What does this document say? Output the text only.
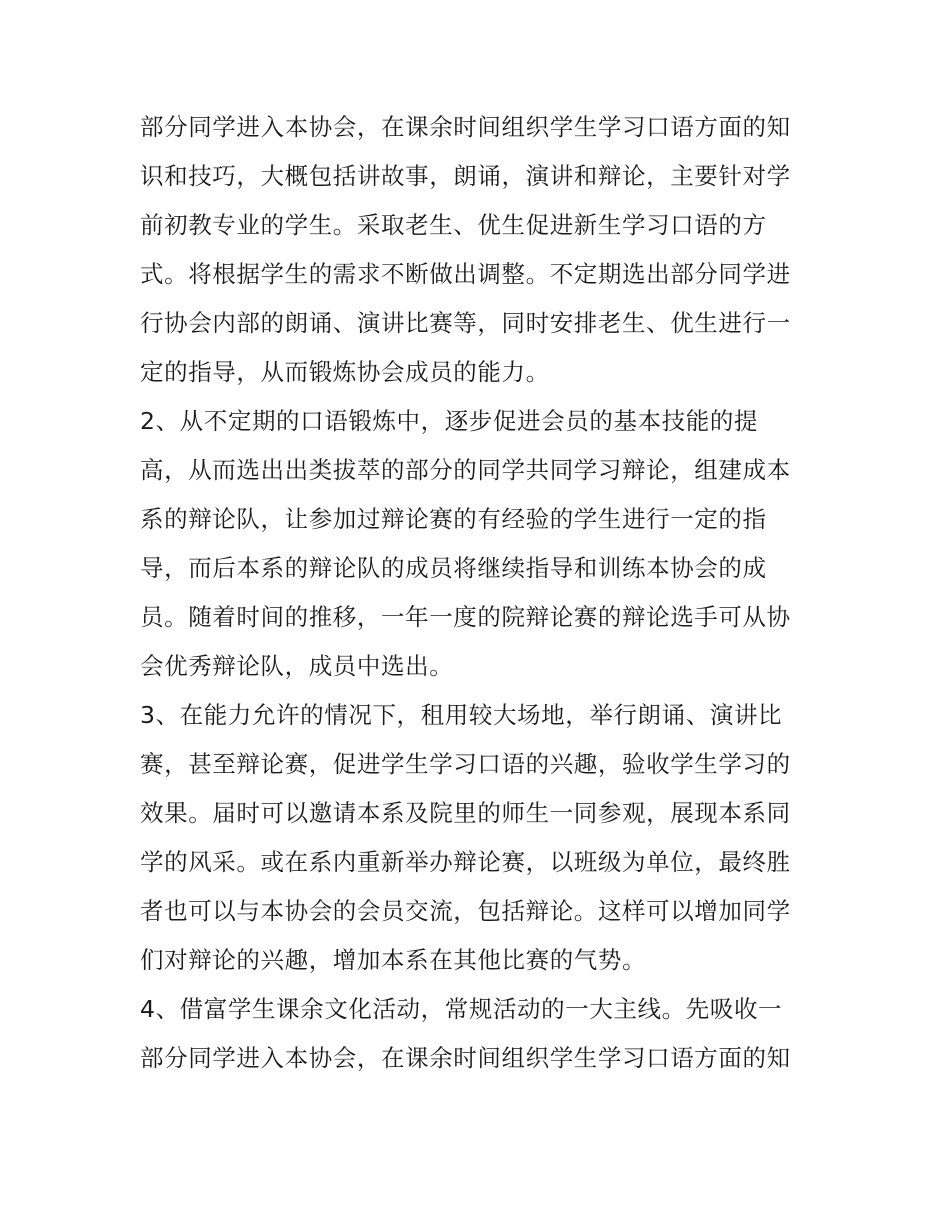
部分同学进入本协会，在课余时间组织学生学习口语方面的知
识和技巧，大概包括讲故事，朗诵，演讲和辩论，主要针对学
前初教专业的学生。采取老生、优生促进新生学习口语的方
式。将根据学生的需求不断做出调整。不定期选出部分同学进
行协会内部的朗诵、演讲比赛等，同时安排老生、优生进行一
定的指导，从而锻炼协会成员的能力。
2、从不定期的口语锻炼中，逐步促进会员的基本技能的提
高，从而选出出类拔萃的部分的同学共同学习辩论，组建成本
系的辩论队，让参加过辩论赛的有经验的学生进行一定的指
导，而后本系的辩论队的成员将继续指导和训练本协会的成
员。随着时间的推移，一年一度的院辩论赛的辩论选手可从协
会优秀辩论队，成员中选出。
3、在能力允许的情况下，租用较大场地，举行朗诵、演讲比
赛，甚至辩论赛，促进学生学习口语的兴趣，验收学生学习的
效果。届时可以邀请本系及院里的师生一同参观，展现本系同
学的风采。或在系内重新举办辩论赛，以班级为单位，最终胜
者也可以与本协会的会员交流，包括辩论。这样可以增加同学
们对辩论的兴趣，增加本系在其他比赛的气势。
4、借富学生课余文化活动，常规活动的一大主线。先吸收一
部分同学进入本协会，在课余时间组织学生学习口语方面的知
